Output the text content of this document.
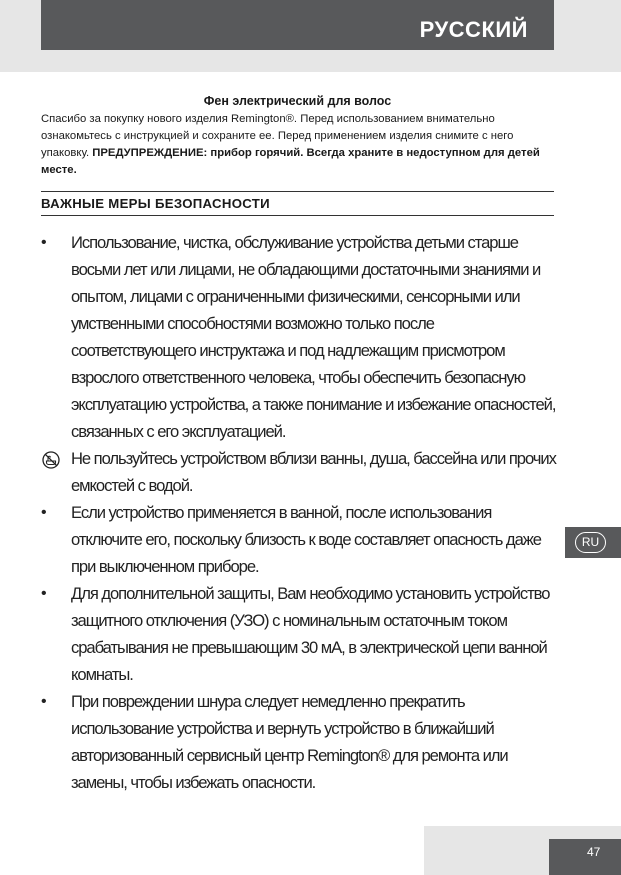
РУССКИЙ
Фен электрический для волос
Спасибо за покупку нового изделия Remington®. Перед использованием внимательно ознакомьтесь с инструкцией и сохраните ее. Перед применением изделия снимите с него упаковку. ПРЕДУПРЕЖДЕНИЕ: прибор горячий. Всегда храните в недоступном для детей месте.
ВАЖНЫЕ МЕРЫ БЕЗОПАСНОСТИ

•	Использование, чистка, обслуживание устройства детьми старше восьми лет или лицами, не обладающими достаточными знаниями и опытом, лицами с ограниченными физическими, сенсорными или умственными способностями возможно только после соответствующего инструктажа и под надлежащим присмотром взрослого ответственного человека, чтобы обеспечить безопасную эксплуатацию устройства, а также понимание и избежание опасностей, связанных с его эксплуатацией.

Не пользуйтесь устройством вблизи ванны, душа, бассейна или прочих емкостей с водой.

•	Если устройство применяется в ванной, после использования отключите его, поскольку близость к воде составляет опасность даже при выключенном приборе.

•	Для дополнительной защиты, Вам необходимо установить устройство защитного отключения (УЗО) с номинальным остаточным током срабатывания не превышающим 30 мА, в электрической цепи ванной комнаты.

•	При повреждении шнура следует немедленно прекратить использование устройства и вернуть устройство в ближайший авторизованный сервисный центр Remington® для ремонта или замены, чтобы избежать опасности.

RU
47
